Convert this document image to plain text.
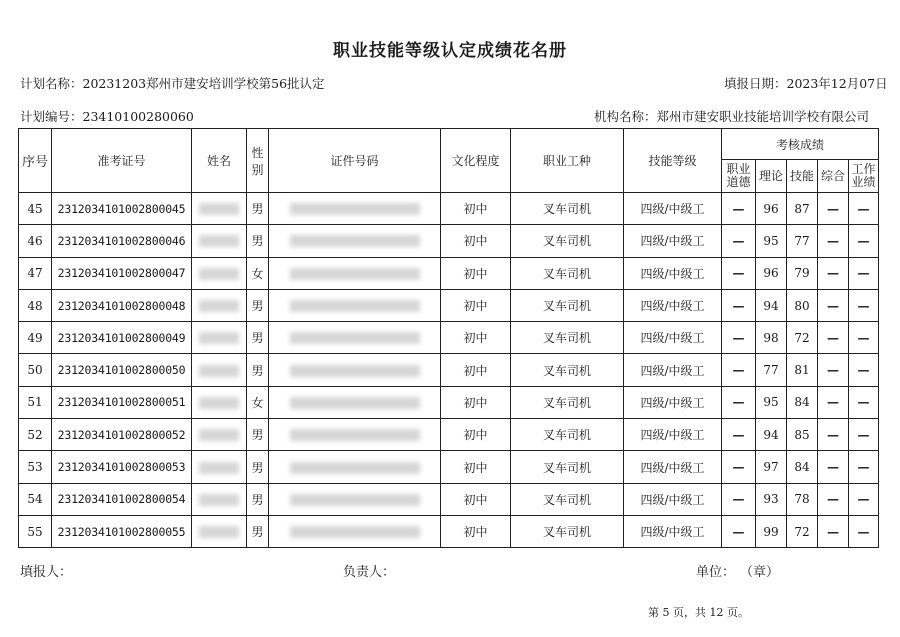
职业技能等级认定成绩花名册
计划名称：20231203郑州市建安培训学校第56批认定	填报日期：2023年12月07日
计划编号：23410100280060	机构名称：郑州市建安职业技能培训学校有限公司
序号	准考证号	姓名	性别	证件号码	文化程度	职业工种	技能等级	考核成绩				
								职业道德	理论	技能	综合	工作业绩
45	2312034101002800045		男		初中	叉车司机	四级/中级工	—	96	87	—	—
46	2312034101002800046		男		初中	叉车司机	四级/中级工	—	95	77	—	—
47	2312034101002800047		女		初中	叉车司机	四级/中级工	—	96	79	—	—
48	2312034101002800048		男		初中	叉车司机	四级/中级工	—	94	80	—	—
49	2312034101002800049		男		初中	叉车司机	四级/中级工	—	98	72	—	—
50	2312034101002800050		男		初中	叉车司机	四级/中级工	—	77	81	—	—
51	2312034101002800051		女		初中	叉车司机	四级/中级工	—	95	84	—	—
52	2312034101002800052		男		初中	叉车司机	四级/中级工	—	94	85	—	—
53	2312034101002800053		男		初中	叉车司机	四级/中级工	—	97	84	—	—
54	2312034101002800054		男		初中	叉车司机	四级/中级工	—	93	78	—	—
55	2312034101002800055		男		初中	叉车司机	四级/中级工	—	99	72	—	—
填报人：	负责人：	单位： （章）
第 5 页，共 12 页。
